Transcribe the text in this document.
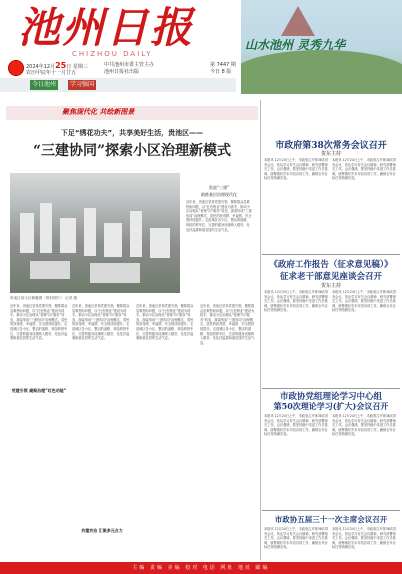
池州日报
CHIZHOU DAILY
2024年12月25日 星期三
农历甲辰年十一月廿五
中共池州市委主管主办
池州日报社出版
第 7447 期
今日 8 版
今日池州	学习强国
山水池州 灵秀九华
聚焦现代化 共绘新图景
下足“绣花功夫”，共享美好生活，贵池区——
“三建协同”探索小区治理新模式
贵池区某小区俯瞰图（资料图片） 记者 摄
贵池“三建”
助推基层治理现代化
近年来，贵池区坚持党建引领，聚焦群众急难愁盼问题，以“红色物业”建设为抓手，推动小区治理从“管理”向“服务”转变，探索形成“三建协同”治理模式，居民的获得感、幸福感、安全感持续提升。走进城区各小区，整洁的道路、规范的停车位、完善的健身设施映入眼帘，处处洋溢着和谐宜居的生活气息。
近年来，贵池区坚持党建引领，聚焦群众急难愁盼问题，以“红色物业”建设为抓手，推动小区治理从“管理”向“服务”转变，探索形成“三建协同”治理模式，居民的获得感、幸福感、安全感持续提升。走进城区各小区，整洁的道路、规范的停车位、完善的健身设施映入眼帘，处处洋溢着和谐宜居的生活气息。
党建引领 凝聚治理“红色动能”
近年来，贵池区坚持党建引领，聚焦群众急难愁盼问题，以“红色物业”建设为抓手，推动小区治理从“管理”向“服务”转变，探索形成“三建协同”治理模式，居民的获得感、幸福感、安全感持续提升。走进城区各小区，整洁的道路、规范的停车位、完善的健身设施映入眼帘，处处洋溢着和谐宜居的生活气息。
近年来，贵池区坚持党建引领，聚焦群众急难愁盼问题，以“红色物业”建设为抓手，推动小区治理从“管理”向“服务”转变，探索形成“三建协同”治理模式，居民的获得感、幸福感、安全感持续提升。走进城区各小区，整洁的道路、规范的停车位、完善的健身设施映入眼帘，处处洋溢着和谐宜居的生活气息。
共建共治 汇聚多元合力
近年来，贵池区坚持党建引领，聚焦群众急难愁盼问题，以“红色物业”建设为抓手，推动小区治理从“管理”向“服务”转变，探索形成“三建协同”治理模式，居民的获得感、幸福感、安全感持续提升。走进城区各小区，整洁的道路、规范的停车位、完善的健身设施映入眼帘，处处洋溢着和谐宜居的生活气息。
市政府第38次常务会议召开
贺东主持
本报讯 12月24日上午，市政府召开第38次常务会议，传达学习有关会议精神，研究部署相关工作。会议强调，要坚持稳中求进工作总基调，统筹做好岁末年初各项工作，确保全年目标任务圆满完成。
本报讯 12月24日上午，市政府召开第38次常务会议，传达学习有关会议精神，研究部署相关工作。会议强调，要坚持稳中求进工作总基调，统筹做好岁末年初各项工作，确保全年目标任务圆满完成。
《政府工作报告（征求意见稿）》
征求老干部意见座谈会召开
贺东主持
本报讯 12月24日上午，市政府召开第38次常务会议，传达学习有关会议精神，研究部署相关工作。会议强调，要坚持稳中求进工作总基调，统筹做好岁末年初各项工作，确保全年目标任务圆满完成。
本报讯 12月24日上午，市政府召开第38次常务会议，传达学习有关会议精神，研究部署相关工作。会议强调，要坚持稳中求进工作总基调，统筹做好岁末年初各项工作，确保全年目标任务圆满完成。
市政协党组理论学习中心组
第50次理论学习(扩大)会议召开
本报讯 12月24日上午，市政府召开第38次常务会议，传达学习有关会议精神，研究部署相关工作。会议强调，要坚持稳中求进工作总基调，统筹做好岁末年初各项工作，确保全年目标任务圆满完成。
本报讯 12月24日上午，市政府召开第38次常务会议，传达学习有关会议精神，研究部署相关工作。会议强调，要坚持稳中求进工作总基调，统筹做好岁末年初各项工作，确保全年目标任务圆满完成。
市政协五届三十一次主席会议召开
本报讯 12月24日上午，市政府召开第38次常务会议，传达学习有关会议精神，研究部署相关工作。会议强调，要坚持稳中求进工作总基调，统筹做好岁末年初各项工作，确保全年目标任务圆满完成。
本报讯 12月24日上午，市政府召开第38次常务会议，传达学习有关会议精神，研究部署相关工作。会议强调，要坚持稳中求进工作总基调，统筹做好岁末年初各项工作，确保全年目标任务圆满完成。
主编 责编 美编 校对 电话 网址 地址 邮编
